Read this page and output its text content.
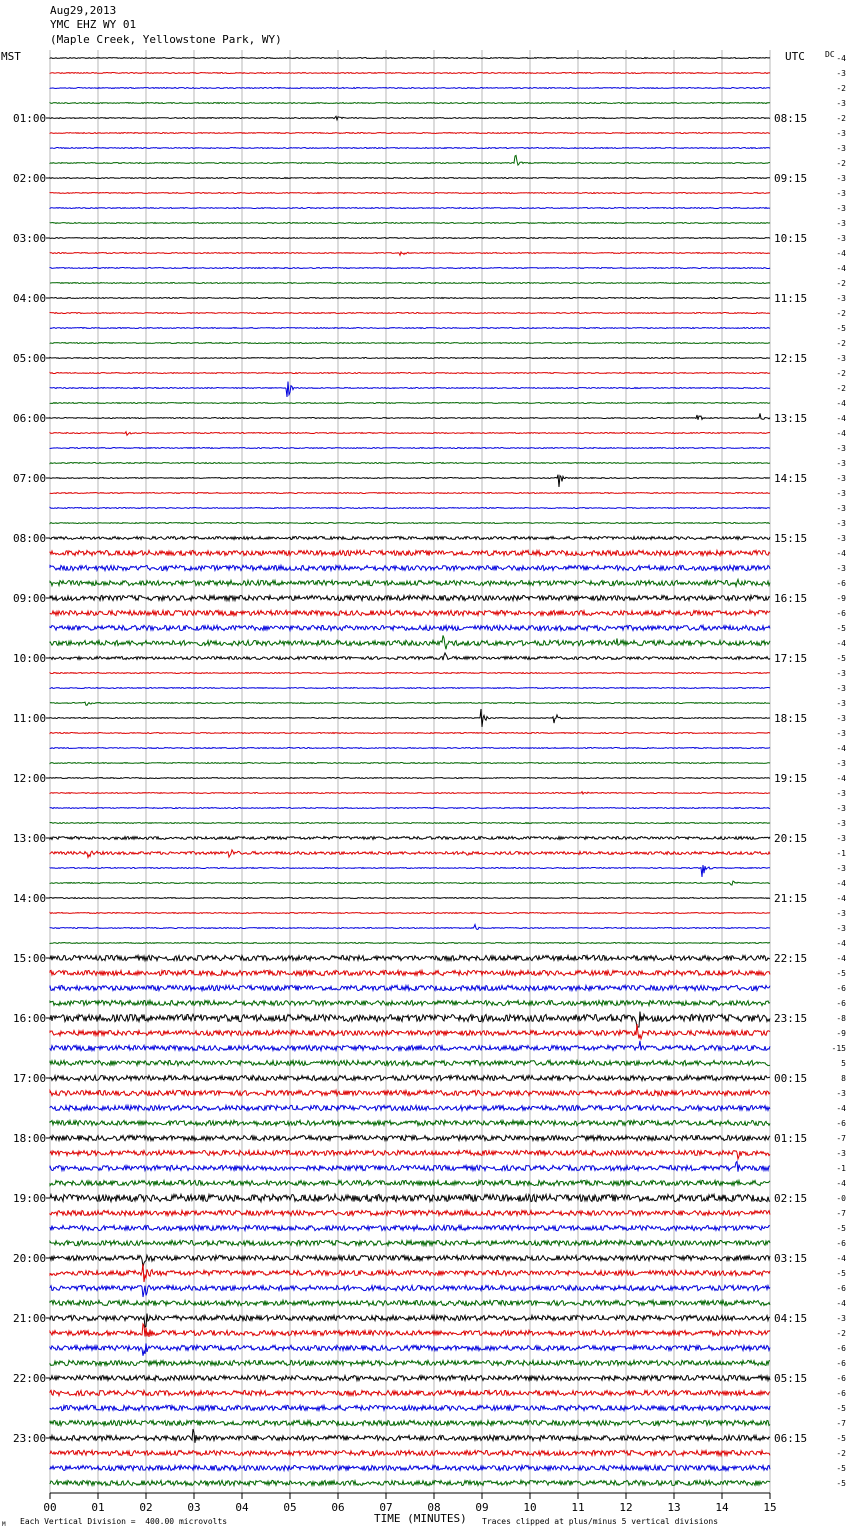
01:00
02:00
03:00
04:00
05:00
06:00
07:00
08:00
09:00
10:00
11:00
12:00
13:00
14:00
15:00
16:00
17:00
18:00
19:00
20:00
21:00
22:00
23:00
08:15
09:15
10:15
11:15
12:15
13:15
14:15
15:15
16:15
17:15
18:15
19:15
20:15
21:15
22:15
23:15
00:15
01:15
02:15
03:15
04:15
05:15
06:15
-4
-3
-2
-3
-2
-3
-3
-2
-3
-3
-3
-3
-3
-4
-4
-2
-3
-2
-5
-2
-3
-2
-2
-4
-4
-4
-3
-3
-3
-3
-3
-3
-3
-4
-3
-6
-9
-6
-5
-4
-5
-3
-3
-3
-3
-3
-4
-3
-4
-3
-3
-3
-3
-1
-3
-4
-4
-3
-3
-4
-4
-5
-6
-6
-8
-9
-15
5
8
-3
-4
-6
-7
-3
-1
-4
-0
-7
-5
-6
-4
-5
-6
-4
-3
-2
-6
-6
-6
-6
-5
-7
-5
-2
-5
-5
00	01	02	03	04	05	06	07	08	09	10	11	12	13	14	15
Aug29,2013
YMC EHZ WY 01
(Maple Creek, Yellowstone Park, WY)
MST	UTC	DC
TIME (MINUTES)
Each Vertical Division =  400.00 microvolts	Traces clipped at plus/minus 5 vertical divisions
M
